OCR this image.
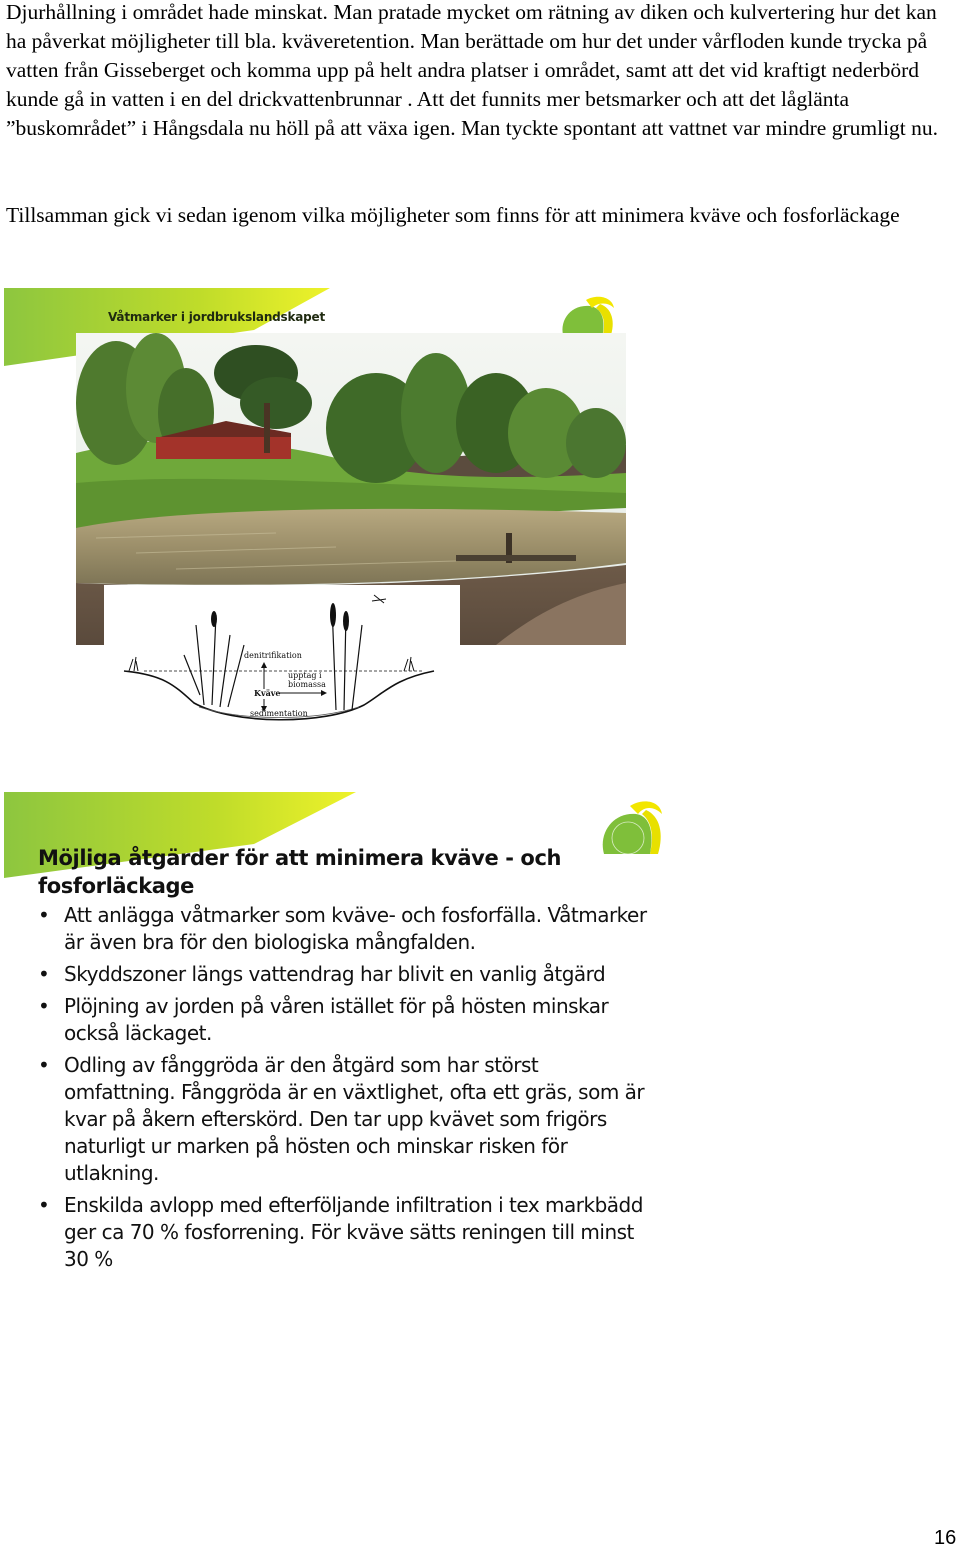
Djurhållning i området hade minskat. Man pratade mycket om rätning av diken och kulvertering hur det kan ha påverkat möjligheter till bla. kväveretention. Man berättade om hur det under vårfloden kunde trycka på vatten från Gisseberget och komma upp på helt andra platser i området, samt att det vid kraftigt nederbörd kunde gå in vatten i en del drickvattenbrunnar . Att det funnits mer betsmarker och att det låglänta ”buskområdet” i Hångsdala nu höll på att växa igen. Man tyckte spontant att vattnet var mindre grumligt nu.

Tillsamman gick vi sedan igenom vilka möjligheter som finns för att minimera kväve och fosforläckage

Våtmarker i jordbrukslandskapet
denitrifikation
upptag i
biomassa
Kväve
sedimentation
Möjliga åtgärder för att minimera kväve - och
fosforläckage
• Att anlägga våtmarker som kväve- och fosforfälla. Våtmarker är även bra för den biologiska mångfalden.
• Skyddszoner längs vattendrag har blivit en vanlig åtgärd
• Plöjning av jorden på våren istället för på hösten minskar också läckaget.
• Odling av fånggröda är den åtgärd som har störst omfattning. Fånggröda är en växtlighet, ofta ett gräs, som är kvar på åkern efterskörd. Den tar upp kvävet som frigörs naturligt ur marken på hösten och minskar risken för utlakning.
• Enskilda avlopp med efterföljande infiltration i tex markbädd ger ca 70 % fosforrening. För kväve sätts reningen till minst 30 %
16
